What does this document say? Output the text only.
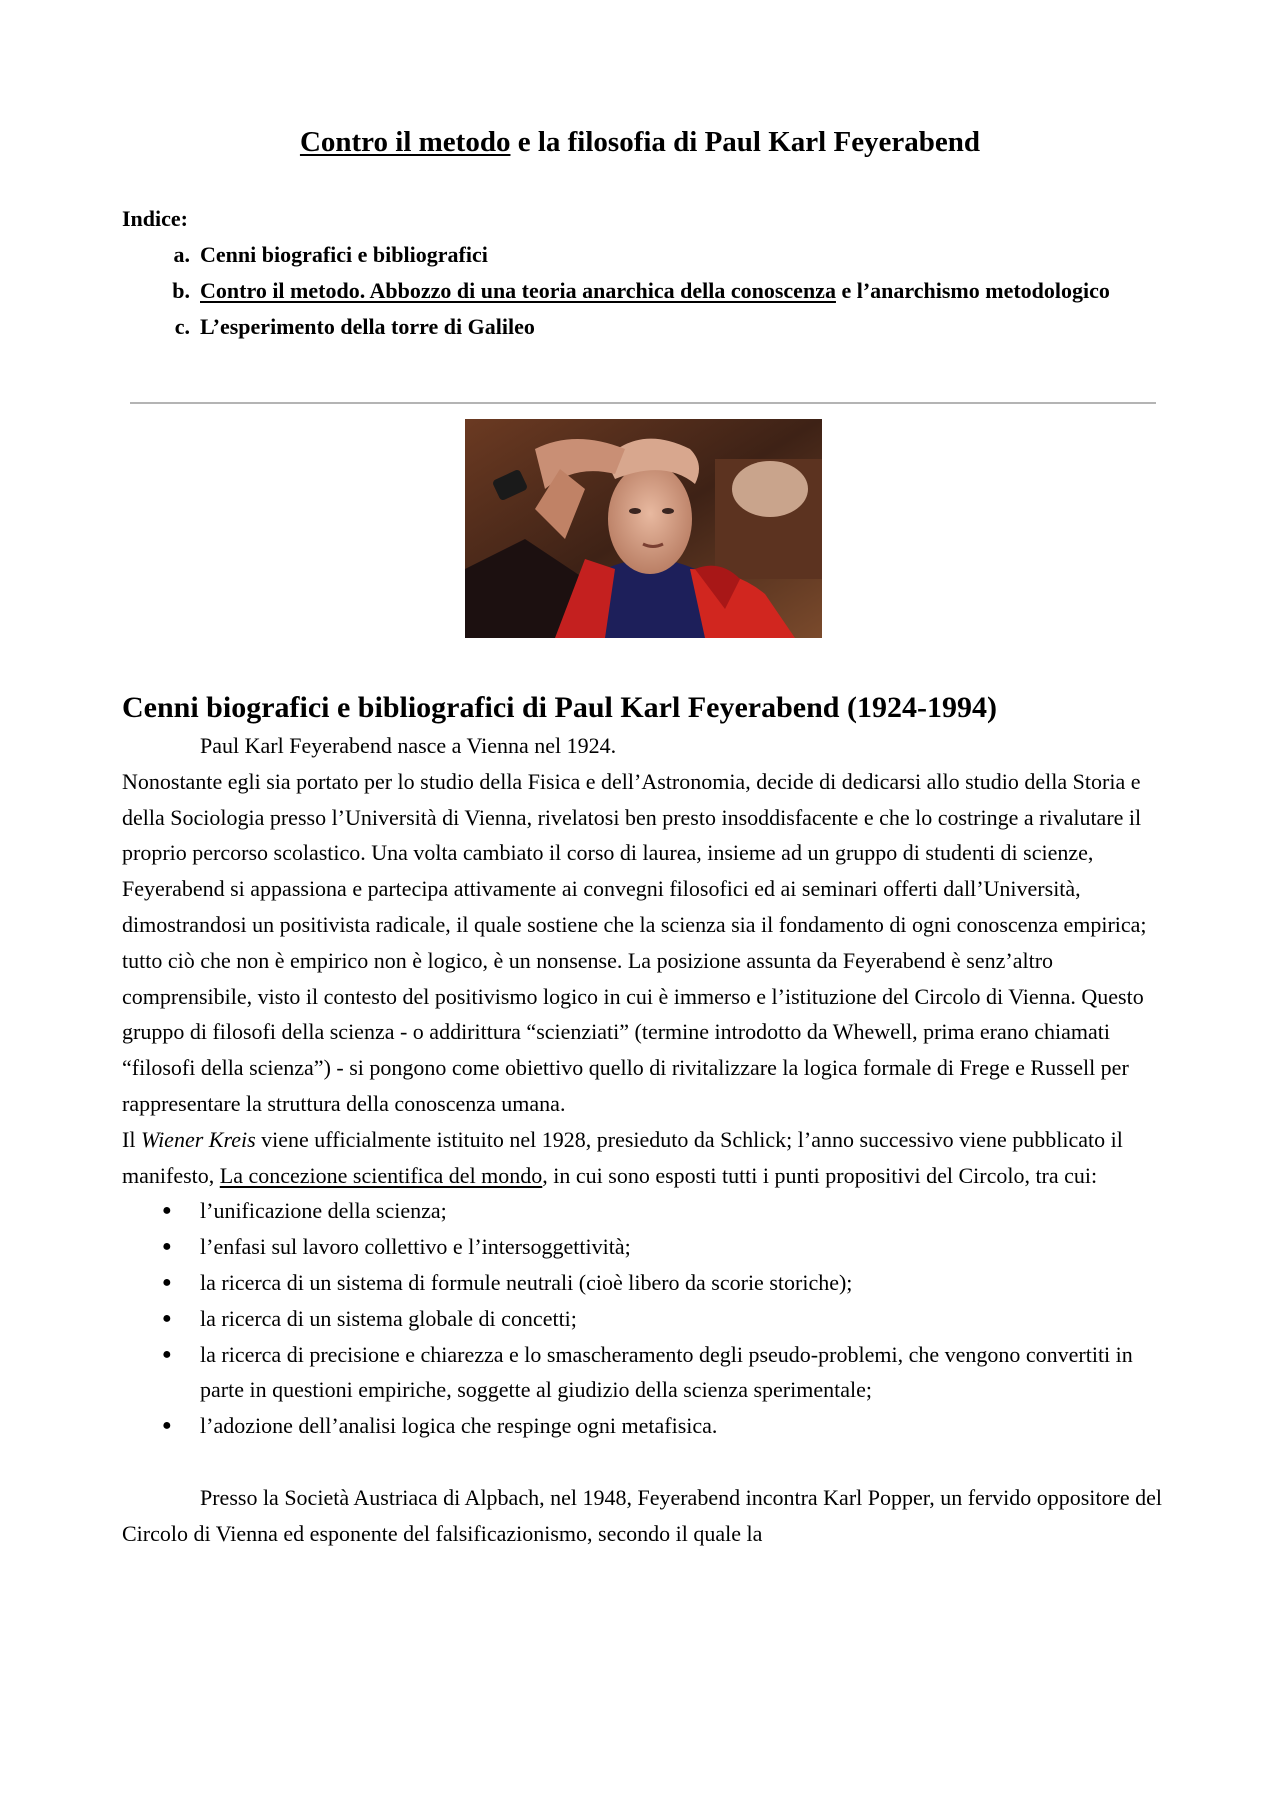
Contro il metodo e la filosofia di Paul Karl Feyerabend
Indice:
a. Cenni biografici e bibliografici
b. Contro il metodo. Abbozzo di una teoria anarchica della conoscenza e l’anarchismo metodologico
c. L’esperimento della torre di Galileo
Cenni biografici e bibliografici di Paul Karl Feyerabend (1924-1994)

Paul Karl Feyerabend nasce a Vienna nel 1924.

Nonostante egli sia portato per lo studio della Fisica e dell’Astronomia, decide di dedicarsi allo studio della Storia e della Sociologia presso l’Università di Vienna, rivelatosi ben presto insoddisfacente e che lo costringe a rivalutare il proprio percorso scolastico. Una volta cambiato il corso di laurea, insieme ad un gruppo di studenti di scienze, Feyerabend si appassiona e partecipa attivamente ai convegni filosofici ed ai seminari offerti dall’Università, dimostrandosi un positivista radicale, il quale sostiene che la scienza sia il fondamento di ogni conoscenza empirica; tutto ciò che non è empirico non è logico, è un nonsense. La posizione assunta da Feyerabend è senz’altro comprensibile, visto il contesto del positivismo logico in cui è immerso e l’istituzione del Circolo di Vienna. Questo gruppo di filosofi della scienza - o addirittura “scienziati” (termine introdotto da Whewell, prima erano chiamati “filosofi della scienza”) - si pongono come obiettivo quello di rivitalizzare la logica formale di Frege e Russell per rappresentare la struttura della conoscenza umana.

Il Wiener Kreis viene ufficialmente istituito nel 1928, presieduto da Schlick; l’anno successivo viene pubblicato il manifesto, La concezione scientifica del mondo, in cui sono esposti tutti i punti propositivi del Circolo, tra cui:

● l’unificazione della scienza;
● l’enfasi sul lavoro collettivo e l’intersoggettività;
● la ricerca di un sistema di formule neutrali (cioè libero da scorie storiche);
● la ricerca di un sistema globale di concetti;
● la ricerca di precisione e chiarezza e lo smascheramento degli pseudo-problemi, che vengono convertiti in parte in questioni empiriche, soggette al giudizio della scienza sperimentale;
● l’adozione dell’analisi logica che respinge ogni metafisica.

Presso la Società Austriaca di Alpbach, nel 1948, Feyerabend incontra Karl Popper, un fervido oppositore del Circolo di Vienna ed esponente del falsificazionismo, secondo il quale la
